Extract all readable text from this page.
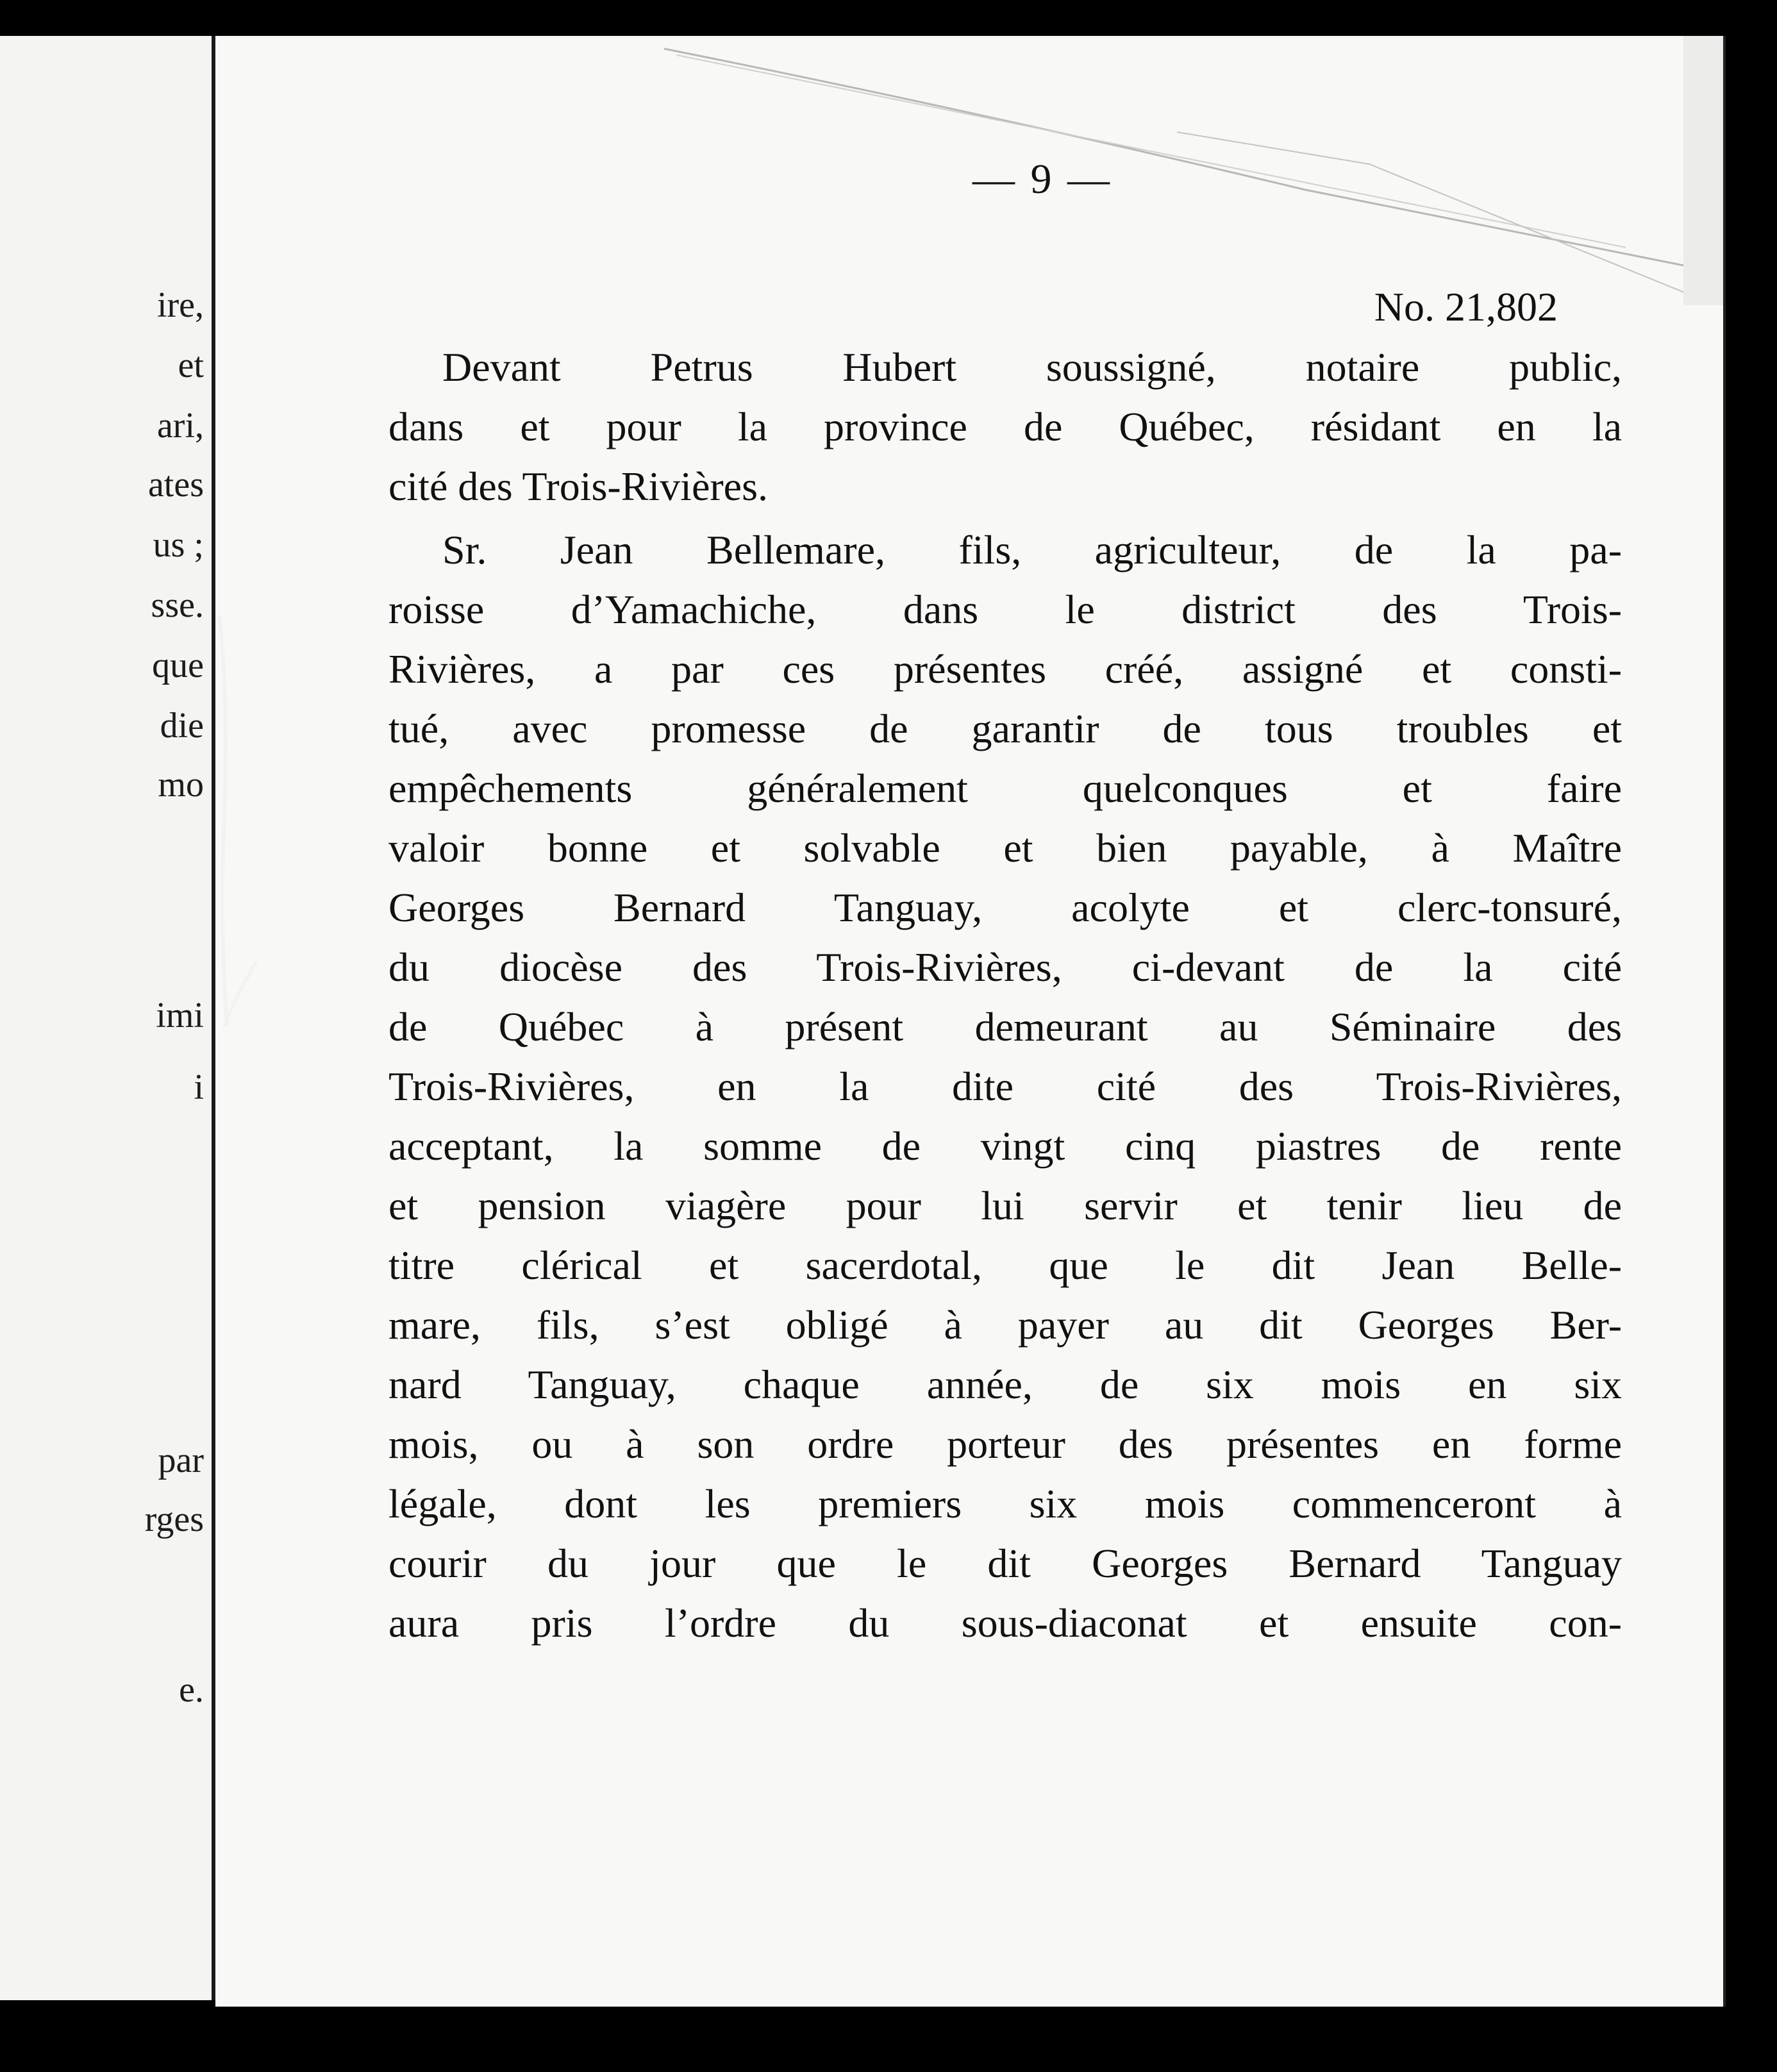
ire,

et

ari,

ates

us ;

sse.

que

die

mo

imi

i

par

rges

e.

— 9 —

No. 21,802

Devant Petrus Hubert soussigné, notaire public,
dans et pour la province de Québec, résidant en la
cité des Trois-Rivières.
Sr. Jean Bellemare, fils, agriculteur, de la pa-
roisse d’Yamachiche, dans le district des Trois-
Rivières, a par ces présentes créé, assigné et consti-
tué, avec promesse de garantir de tous troubles et
empêchements généralement quelconques et faire
valoir bonne et solvable et bien payable, à Maître
Georges Bernard Tanguay, acolyte et clerc-tonsuré,
du diocèse des Trois-Rivières, ci-devant de la cité
de Québec à présent demeurant au Séminaire des
Trois-Rivières, en la dite cité des Trois-Rivières,
acceptant, la somme de vingt cinq piastres de rente
et pension viagère pour lui servir et tenir lieu de
titre clérical et sacerdotal, que le dit Jean Belle-
mare, fils, s’est obligé à payer au dit Georges Ber-
nard Tanguay, chaque année, de six mois en six
mois, ou à son ordre porteur des présentes en forme
légale, dont les premiers six mois commenceront à
courir du jour que le dit Georges Bernard Tanguay
aura pris l’ordre du sous-diaconat et ensuite con-
